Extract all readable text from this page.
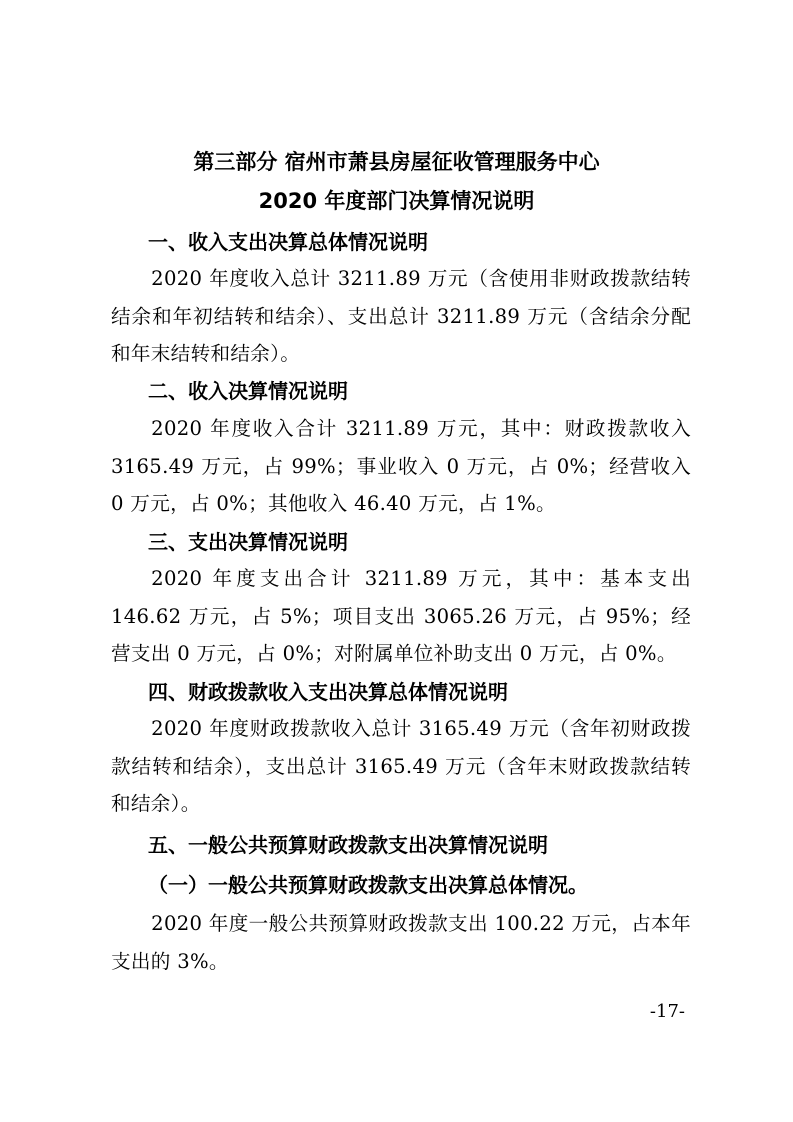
第三部分 宿州市萧县房屋征收管理服务中心
2020 年度部门决算情况说明
一、收入支出决算总体情况说明
2020 年度收入总计 3211.89 万元（含使用非财政拨款结转结余和年初结转和结余）、支出总计 3211.89 万元（含结余分配和年末结转和结余）。
二、收入决算情况说明
2020 年度收入合计 3211.89 万元，其中：财政拨款收入 3165.49 万元，占 99%；事业收入 0 万元，占 0%；经营收入 0 万元，占 0%；其他收入 46.40 万元，占 1%。
三、支出决算情况说明
2020 年度支出合计 3211.89 万元，其中：基本支出 146.62 万元，占 5%；项目支出 3065.26 万元，占 95%；经营支出 0 万元，占 0%；对附属单位补助支出 0 万元，占 0%。
四、财政拨款收入支出决算总体情况说明
2020 年度财政拨款收入总计 3165.49 万元（含年初财政拨款结转和结余），支出总计 3165.49 万元（含年末财政拨款结转和结余）。
五、一般公共预算财政拨款支出决算情况说明
（一）一般公共预算财政拨款支出决算总体情况。
2020 年度一般公共预算财政拨款支出 100.22 万元，占本年支出的 3%。
-17-
